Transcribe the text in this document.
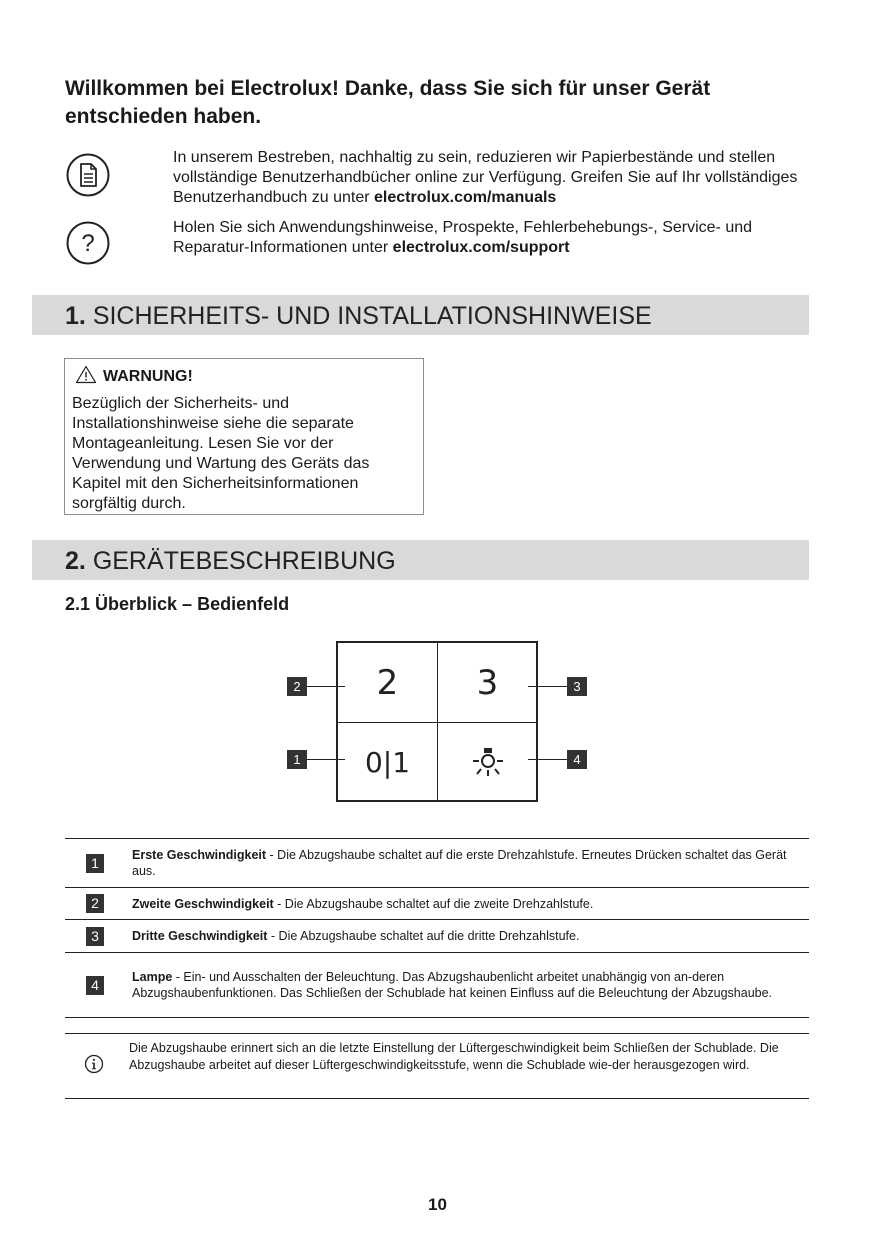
Willkommen bei Electrolux! Danke, dass Sie sich für unser Gerät entschieden haben.
In unserem Bestreben, nachhaltig zu sein, reduzieren wir Papierbestände und stellen vollständige Benutzerhandbücher online zur Verfügung. Greifen Sie auf Ihr vollständiges Benutzerhandbuch zu unter electrolux.com/manuals
?
Holen Sie sich Anwendungshinweise, Prospekte, Fehlerbehebungs-, Service- und Reparatur-Informationen unter electrolux.com/support
1. SICHERHEITS- UND INSTALLATIONSHINWEISE
WARNUNG!
Bezüglich der Sicherheits- und Installationshinweise siehe die separate Montageanleitung. Lesen Sie vor der Verwendung und Wartung des Geräts das Kapitel mit den Sicherheitsinformationen sorgfältig durch.
2. GERÄTEBESCHREIBUNG
2.1 Überblick – Bedienfeld
2	3
0|1
2
1
3
4
1	Erste Geschwindigkeit - Die Abzugshaube schaltet auf die erste Drehzahlstufe. Erneutes Drücken schaltet das Gerät aus.
2	Zweite Geschwindigkeit - Die Abzugshaube schaltet auf die zweite Drehzahlstufe.
3	Dritte Geschwindigkeit - Die Abzugshaube schaltet auf die dritte Drehzahlstufe.
4	Lampe - Ein- und Ausschalten der Beleuchtung. Das Abzugshaubenlicht arbeitet unabhängig von an-deren Abzugshaubenfunktionen. Das Schließen der Schublade hat keinen Einfluss auf die Beleuchtung der Abzugshaube.
Die Abzugshaube erinnert sich an die letzte Einstellung der Lüftergeschwindigkeit beim Schließen der Schublade. Die Abzugshaube arbeitet auf dieser Lüftergeschwindigkeitsstufe, wenn die Schublade wie-der herausgezogen wird.
10
